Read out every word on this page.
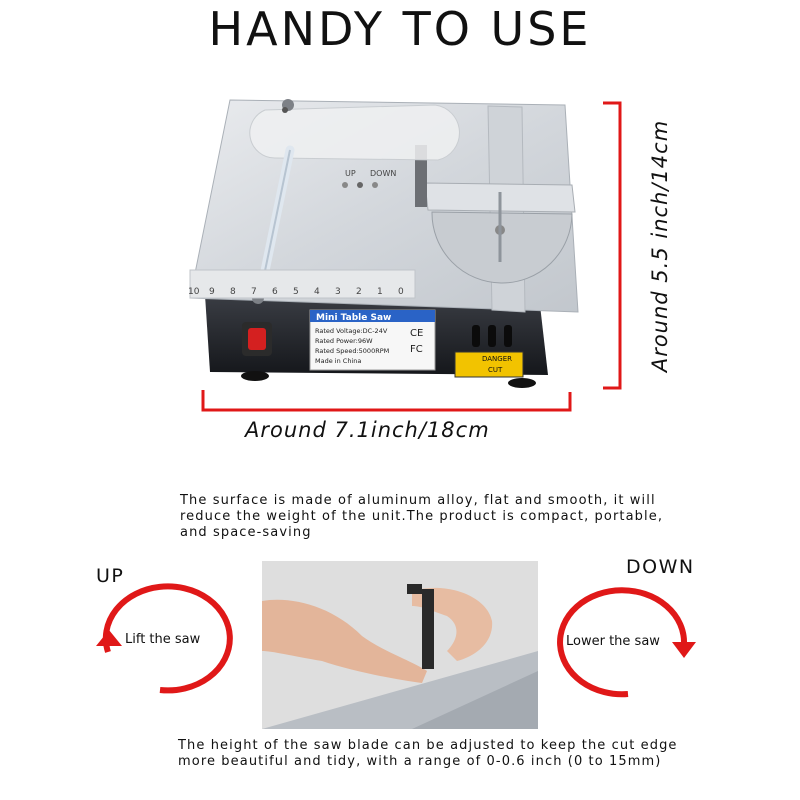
HANDY TO USE
UP DOWN
10 9 8 7 6 5 4 3 2 1 0
Mini Table Saw
Rated Voltage:DC-24V
Rated Power:96W
Rated Speed:5000RPM
Made in China
CE
FC
DANGER
CUT
Around 7.1inch/18cm
Around 5.5 inch/14cm
The surface is made of aluminum alloy, flat and smooth, it will reduce the weight of the unit.The product is compact, portable, and space-saving
UP
Lift the saw
DOWN
Lower the saw
The height of the saw blade can be adjusted to keep the cut edge more beautiful and tidy, with a range of 0-0.6 inch (0 to 15mm)
